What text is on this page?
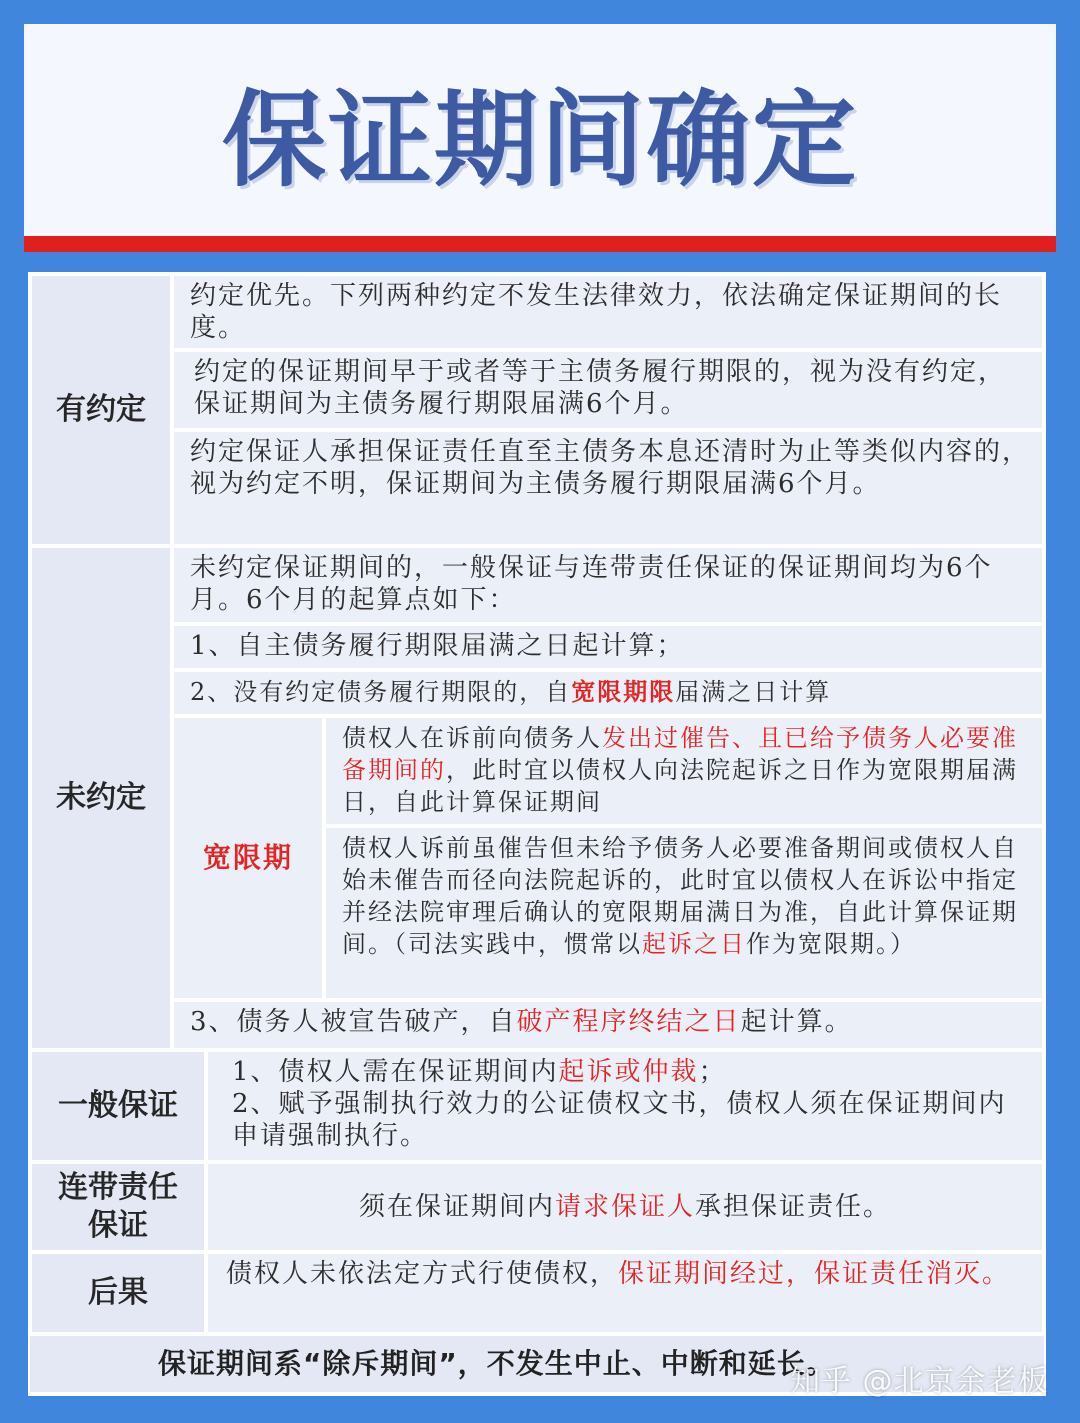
保证期间确定
有约定
约定优先。下列两种约定不发生法律效力，依法确定保证期间的长度。
约定的保证期间早于或者等于主债务履行期限的，视为没有约定，保证期间为主债务履行期限届满6个月。
约定保证人承担保证责任直至主债务本息还清时为止等类似内容的，视为约定不明，保证期间为主债务履行期限届满6个月。
未约定
未约定保证期间的，一般保证与连带责任保证的保证期间均为6个月。6个月的起算点如下：
1、自主债务履行期限届满之日起计算；
2、没有约定债务履行期限的，自宽限期限届满之日计算
宽限期
债权人在诉前向债务人发出过催告、且已给予债务人必要准备期间的，此时宜以债权人向法院起诉之日作为宽限期届满日，自此计算保证期间
债权人诉前虽催告但未给予债务人必要准备期间或债权人自始未催告而径向法院起诉的，此时宜以债权人在诉讼中指定并经法院审理后确认的宽限期届满日为准，自此计算保证期间。（司法实践中，惯常以起诉之日作为宽限期。）
3、债务人被宣告破产，自破产程序终结之日起计算。
一般保证
1、债权人需在保证期间内起诉或仲裁；
2、赋予强制执行效力的公证债权文书，债权人须在保证期间内申请强制执行。
连带责任保证
须在保证期间内 请求保证人 承担保证责任。
后果
债权人未依法定方式行使债权，保证期间经过，保证责任消灭。
保证期间系“除斥期间”，不发生中止、中断和延长。
知乎 @北京余老板
